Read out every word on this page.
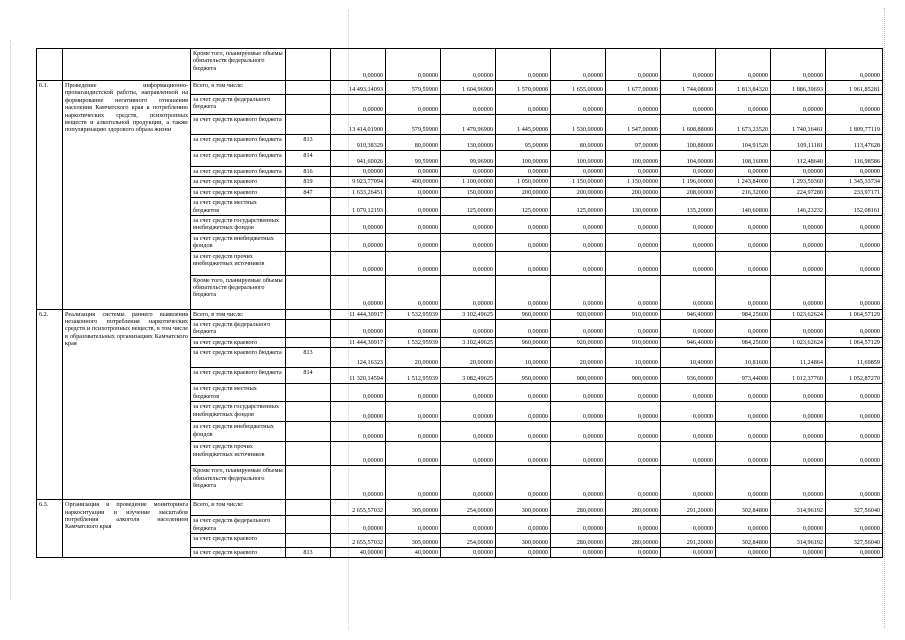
		Кроме того, планируемые объемы обязательств федерального бюджета		0,00000	0,00000	0,00000	0,00000	0,00000	0,00000	0,00000	0,00000	0,00000	0,00000
6.1.	Проведение информационно-пропагандистской работы, направленной на формирование негативного отношения населения Камчатского края к потреблению наркотических средств, психотропных веществ и алкогольной продукции, а также популяризацию здорового образа жизни	Всего, в том числе:		14 493,14093	579,59900	1 604,96900	1 570,00000	1 655,00000	1 677,00000	1 744,08000	1 813,84320	1 886,39693	1 961,85281
		за счет средств федерального бюджета		0,00000	0,00000	0,00000	0,00000	0,00000	0,00000	0,00000	0,00000	0,00000	0,00000
		за счет средств краевого бюджета		13 414,01900	579,59900	1 479,96900	1 445,00000	1 530,00000	1 547,00000	1 608,88000	1 673,23520	1 740,16461	1 809,77119
		за счет средств краевого бюджета	813	910,38329	80,00000	130,00000	95,00000	80,00000	97,00000	100,88000	104,91520	109,11181	113,47628
		за счет средств краевого бюджета	814	941,60026	99,59900	99,96900	100,00000	100,00000	100,00000	104,00000	108,16000	112,48640	116,98586
		за счет средств краевого бюджета	816	0,00000	0,00000	0,00000	0,00000	0,00000	0,00000	0,00000	0,00000	0,00000	0,00000
		за счет средств краевого	819	9 923,77094	400,00000	1 100,00000	1 050,00000	1 150,00000	1 150,00000	1 196,00000	1 243,84000	1 293,59360	1 345,33734
		за счет средств краевого	847	1 633,26451	0,00000	150,00000	200,00000	200,00000	200,00000	208,00000	216,32000	224,97280	233,97171
		за счет средств местных бюджетов		1 079,12193	0,00000	125,00000	125,00000	125,00000	130,00000	135,20000	140,60800	146,23232	152,08161
		за счет средств государственных внебюджетных фондов		0,00000	0,00000	0,00000	0,00000	0,00000	0,00000	0,00000	0,00000	0,00000	0,00000
		за счет средств внебюджетных фондов		0,00000	0,00000	0,00000	0,00000	0,00000	0,00000	0,00000	0,00000	0,00000	0,00000
		за счет средств прочих внебюджетных источников		0,00000	0,00000	0,00000	0,00000	0,00000	0,00000	0,00000	0,00000	0,00000	0,00000
		Кроме того, планируемые объемы обязательств федерального бюджета		0,00000	0,00000	0,00000	0,00000	0,00000	0,00000	0,00000	0,00000	0,00000	0,00000
6.2.	Реализация системы раннего выявления незаконного потребления наркотических средств и психотропных веществ, в том числе в образовательных организациях Камчатского края	Всего, в том числе:		11 444,30917	1 532,95939	3 102,49625	960,00000	920,00000	910,00000	946,40000	984,25600	1 023,62624	1 064,57129
		за счет средств федерального бюджета		0,00000	0,00000	0,00000	0,00000	0,00000	0,00000	0,00000	0,00000	0,00000	0,00000
		за счет средств краевого		11 444,30917	1 532,95939	3 102,49625	960,00000	920,00000	910,00000	946,40000	984,25600	1 023,62624	1 064,57129
		за счет средств краевого бюджета	813	124,16323	20,00000	20,00000	10,00000	20,00000	10,00000	10,40000	10,81600	11,24864	11,69859
		за счет средств краевого бюджета	814	11 320,14594	1 512,95939	3 082,49625	950,00000	900,00000	900,00000	936,00000	973,44000	1 012,37760	1 052,87270
		за счет средств местных бюджетов		0,00000	0,00000	0,00000	0,00000	0,00000	0,00000	0,00000	0,00000	0,00000	0,00000
		за счет средств государственных внебюджетных фондов		0,00000	0,00000	0,00000	0,00000	0,00000	0,00000	0,00000	0,00000	0,00000	0,00000
		за счет средств внебюджетных фондов		0,00000	0,00000	0,00000	0,00000	0,00000	0,00000	0,00000	0,00000	0,00000	0,00000
		за счет средств прочих внебюджетных источников		0,00000	0,00000	0,00000	0,00000	0,00000	0,00000	0,00000	0,00000	0,00000	0,00000
		Кроме того, планируемые объемы обязательств федерального бюджета		0,00000	0,00000	0,00000	0,00000	0,00000	0,00000	0,00000	0,00000	0,00000	0,00000
6.3.	Организация и проведение мониторинга наркоситуации и изучение масштабов потребления алкоголя населением Камчатского края	Всего, в том числе:		2 655,57032	305,00000	254,00000	300,00000	280,00000	280,00000	291,20000	302,84800	314,96192	327,56040
		за счет средств федерального бюджета		0,00000	0,00000	0,00000	0,00000	0,00000	0,00000	0,00000	0,00000	0,00000	0,00000
		за счет средств краевого		2 655,57032	305,00000	254,00000	300,00000	280,00000	280,00000	291,20000	302,84800	314,96192	327,56040
		за счет средств краевого	813	40,00000	40,00000	0,00000	0,00000	0,00000	0,00000	0,00000	0,00000	0,00000	0,00000
